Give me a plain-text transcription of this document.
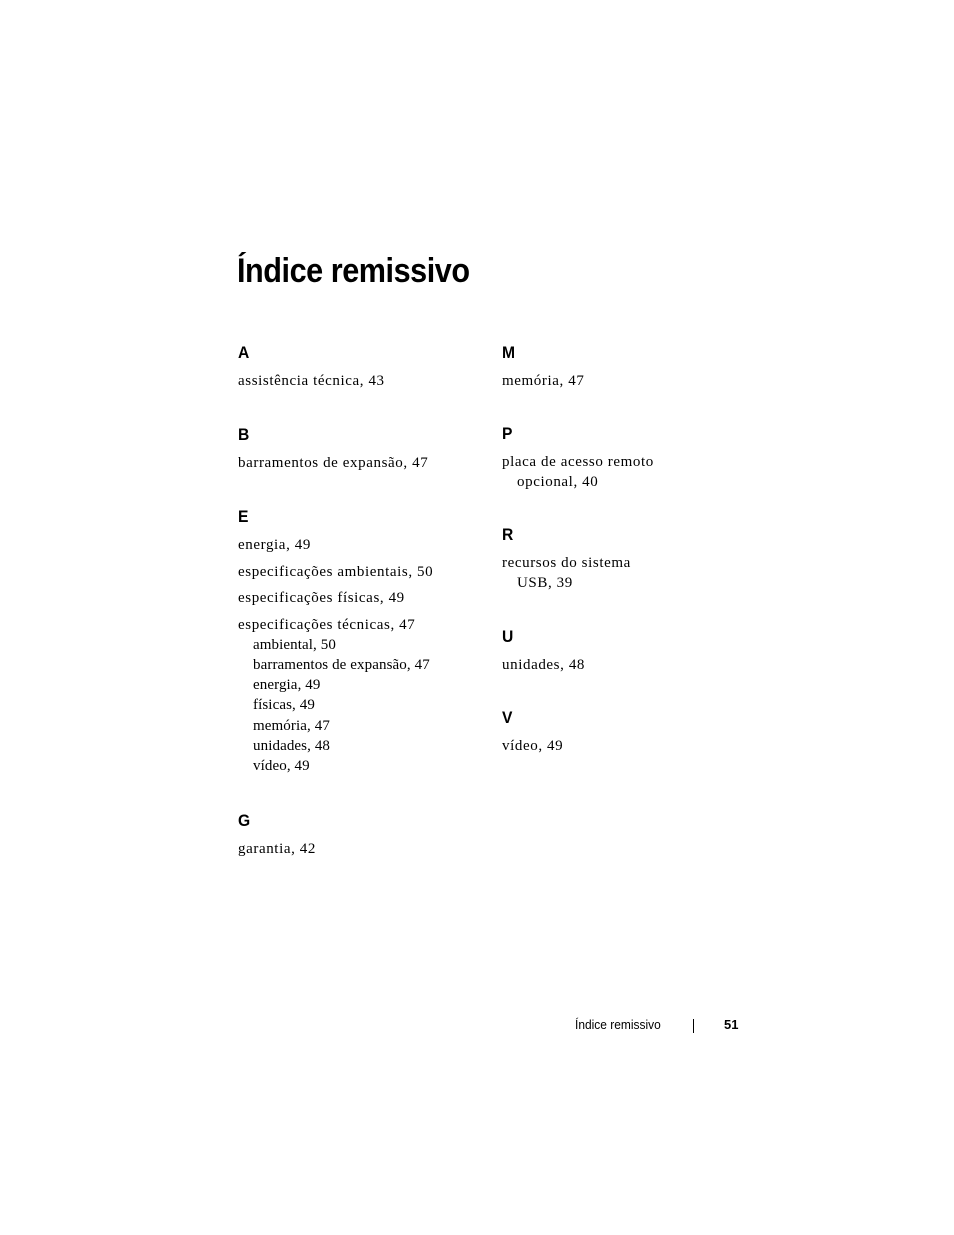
Índice remissivo
A
assistência técnica, 43
B
barramentos de expansão, 47
E
energia, 49
especificações ambientais, 50
especificações físicas, 49
especificações técnicas, 47
ambiental, 50
barramentos de expansão, 47
energia, 49
físicas, 49
memória, 47
unidades, 48
vídeo, 49
G
garantia, 42
M
memória, 47
P
placa de acesso remoto
opcional, 40
R
recursos do sistema
USB, 39
U
unidades, 48
V
vídeo, 49
Índice remissivo	51
